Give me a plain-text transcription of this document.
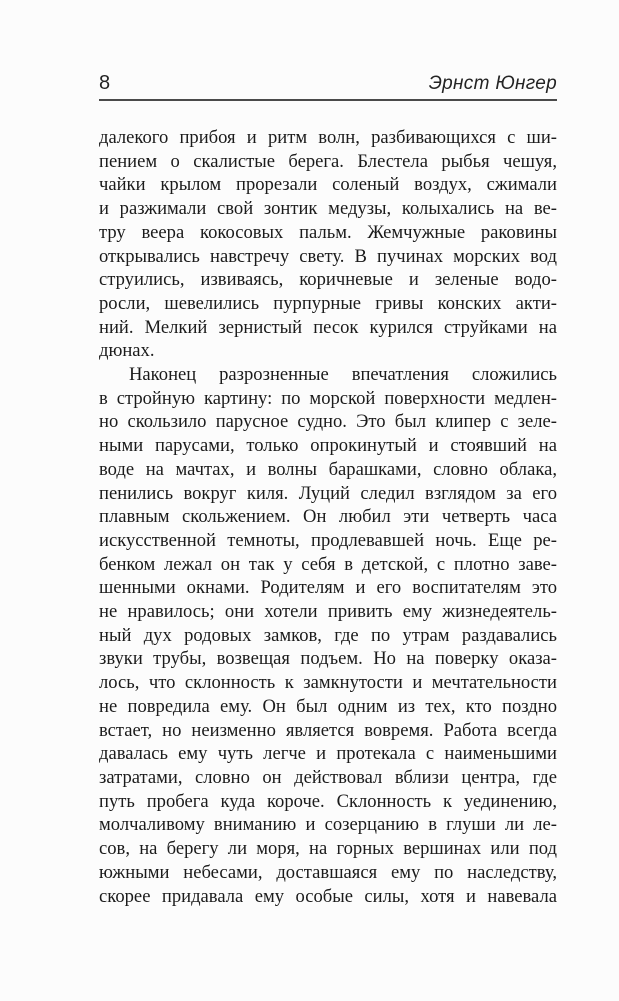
8	Эрнст Юнгер
далекого прибоя и ритм волн, разбивающихся с ши-
пением о скалистые берега. Блестела рыбья чешуя,
чайки крылом прорезали соленый воздух, сжимали
и разжимали свой зонтик медузы, колыхались на ве-
тру веера кокосовых пальм. Жемчужные раковины
открывались навстречу свету. В пучинах морских вод
струились, извиваясь, коричневые и зеленые водо-
росли, шевелились пурпурные гривы конских акти-
ний. Мелкий зернистый песок курился струйками на
дюнах.
Наконец разрозненные впечатления сложились
в стройную картину: по морской поверхности медлен-
но скользило парусное судно. Это был клипер с зеле-
ными парусами, только опрокинутый и стоявший на
воде на мачтах, и волны барашками, словно облака,
пенились вокруг киля. Луций следил взглядом за его
плавным скольжением. Он любил эти четверть часа
искусственной темноты, продлевавшей ночь. Еще ре-
бенком лежал он так у себя в детской, с плотно заве-
шенными окнами. Родителям и его воспитателям это
не нравилось; они хотели привить ему жизнедеятель-
ный дух родовых замков, где по утрам раздавались
звуки трубы, возвещая подъем. Но на поверку оказа-
лось, что склонность к замкнутости и мечтательности
не повредила ему. Он был одним из тех, кто поздно
встает, но неизменно является вовремя. Работа всегда
давалась ему чуть легче и протекала с наименьшими
затратами, словно он действовал вблизи центра, где
путь пробега куда короче. Склонность к уединению,
молчаливому вниманию и созерцанию в глуши ли ле-
сов, на берегу ли моря, на горных вершинах или под
южными небесами, доставшаяся ему по наследству,
скорее придавала ему особые силы, хотя и навевала
